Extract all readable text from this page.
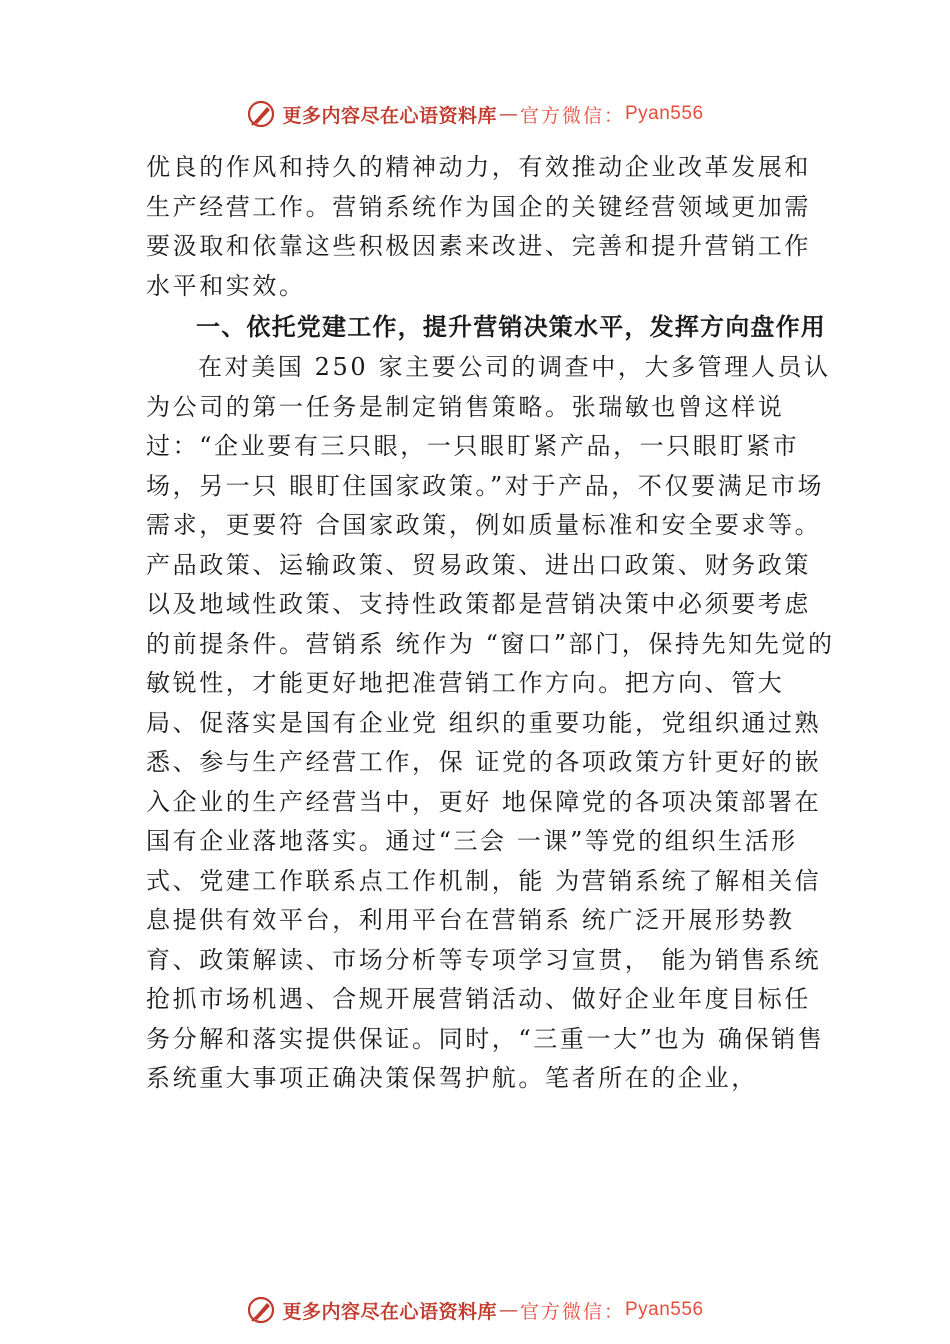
更多内容尽在心语资料库 — 官方微信： Pyan556

优良的作风和持久的精神动力，有效推动企业改革发展和生产经营工作。营销系统作为国企的关键经营领域更加需要汲取和依靠这些积极因素来改进、完善和提升营销工作水平和实效。

一、依托党建工作，提升营销决策水平，发挥方向盘作用

在对美国 250 家主要公司的调查中，大多管理人员认为公司的第一任务是制定销售策略。张瑞敏也曾这样说过：“企业要有三只眼，一只眼盯紧产品，一只眼盯紧市场，另一只 眼盯住国家政策。”对于产品，不仅要满足市场需求，更要符 合国家政策，例如质量标准和安全要求等。产品政策、运输政策、贸易政策、进出口政策、财务政策以及地域性政策、支持性政策都是营销决策中必须要考虑的前提条件。营销系 统作为 “窗口”部门，保持先知先觉的敏锐性，才能更好地把准营销工作方向。把方向、管大局、促落实是国有企业党 组织的重要功能，党组织通过熟悉、参与生产经营工作，保 证党的各项政策方针更好的嵌入企业的生产经营当中，更好 地保障党的各项决策部署在国有企业落地落实。通过“三会 一课”等党的组织生活形式、党建工作联系点工作机制，能 为营销系统了解相关信息提供有效平台，利用平台在营销系 统广泛开展形势教育、政策解读、市场分析等专项学习宣贯， 能为销售系统抢抓市场机遇、合规开展营销活动、做好企业年度目标任务分解和落实提供保证。同时，“三重一大”也为 确保销售系统重大事项正确决策保驾护航。笔者所在的企业，

更多内容尽在心语资料库 — 官方微信： Pyan556
